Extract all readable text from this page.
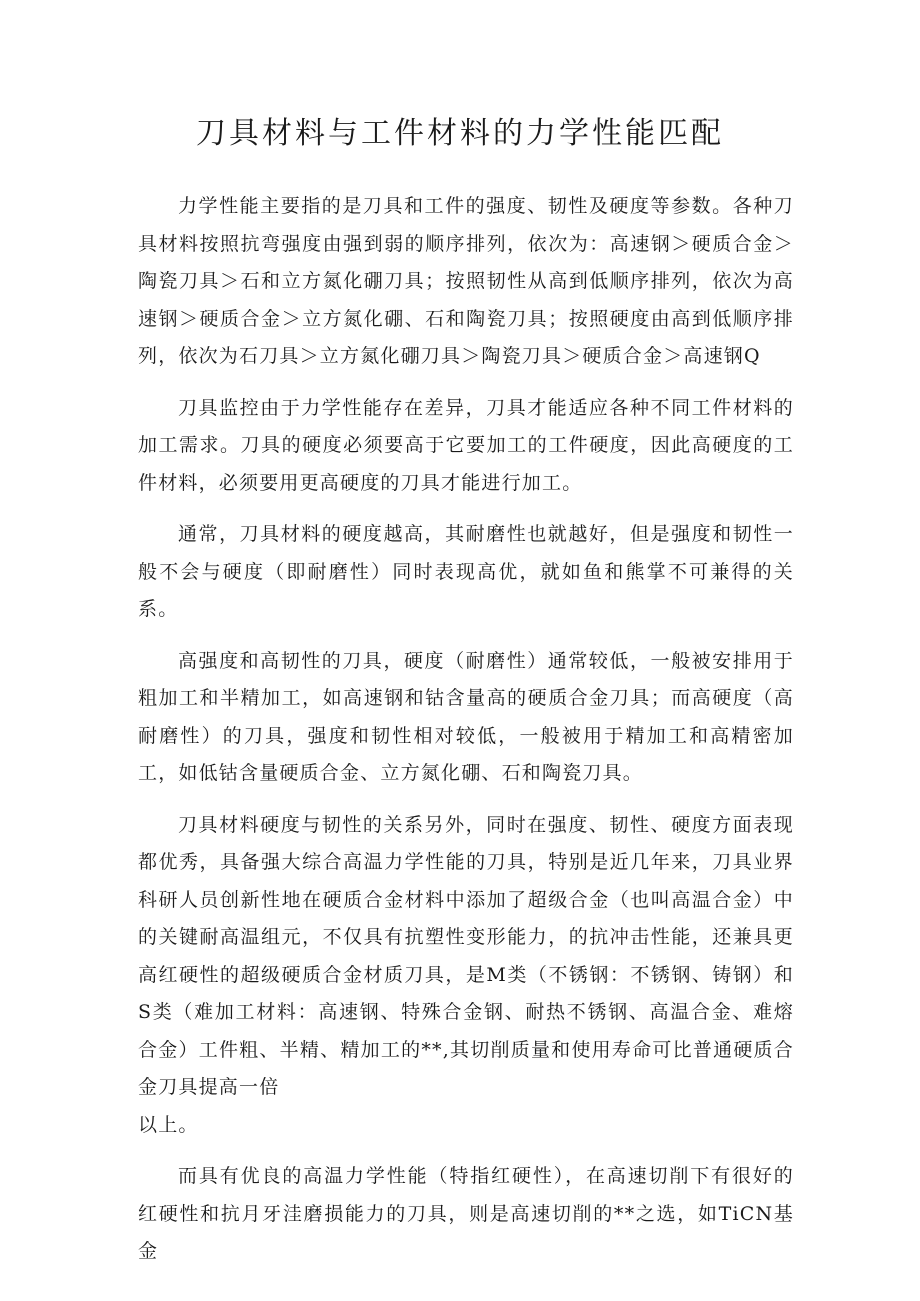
刀具材料与工件材料的力学性能匹配

力学性能主要指的是刀具和工件的强度、韧性及硬度等参数。各种刀具材料按照抗弯强度由强到弱的顺序排列，依次为：高速钢＞硬质合金＞陶瓷刀具＞石和立方氮化硼刀具；按照韧性从高到低顺序排列，依次为高速钢＞硬质合金＞立方氮化硼、石和陶瓷刀具；按照硬度由高到低顺序排列，依次为石刀具＞立方氮化硼刀具＞陶瓷刀具＞硬质合金＞高速钢Q

刀具监控由于力学性能存在差异，刀具才能适应各种不同工件材料的加工需求。刀具的硬度必须要高于它要加工的工件硬度，因此高硬度的工件材料，必须要用更高硬度的刀具才能进行加工。

通常，刀具材料的硬度越高，其耐磨性也就越好，但是强度和韧性一般不会与硬度（即耐磨性）同时表现高优，就如鱼和熊掌不可兼得的关系。

高强度和高韧性的刀具，硬度（耐磨性）通常较低，一般被安排用于粗加工和半精加工，如高速钢和钴含量高的硬质合金刀具；而高硬度（高耐磨性）的刀具，强度和韧性相对较低，一般被用于精加工和高精密加工，如低钴含量硬质合金、立方氮化硼、石和陶瓷刀具。

刀具材料硬度与韧性的关系另外，同时在强度、韧性、硬度方面表现都优秀，具备强大综合高温力学性能的刀具，特别是近几年来，刀具业界科研人员创新性地在硬质合金材料中添加了超级合金（也叫高温合金）中的关键耐高温组元，不仅具有抗塑性变形能力，的抗冲击性能，还兼具更高红硬性的超级硬质合金材质刀具，是M类（不锈钢：不锈钢、铸钢）和S类（难加工材料：高速钢、特殊合金钢、耐热不锈钢、高温合金、难熔合金）工件粗、半精、精加工的**,其切削质量和使用寿命可比普通硬质合金刀具提高一倍

以上。

而具有优良的高温力学性能（特指红硬性），在高速切削下有很好的红硬性和抗月牙洼磨损能力的刀具，则是高速切削的**之选，如TiCN基金
